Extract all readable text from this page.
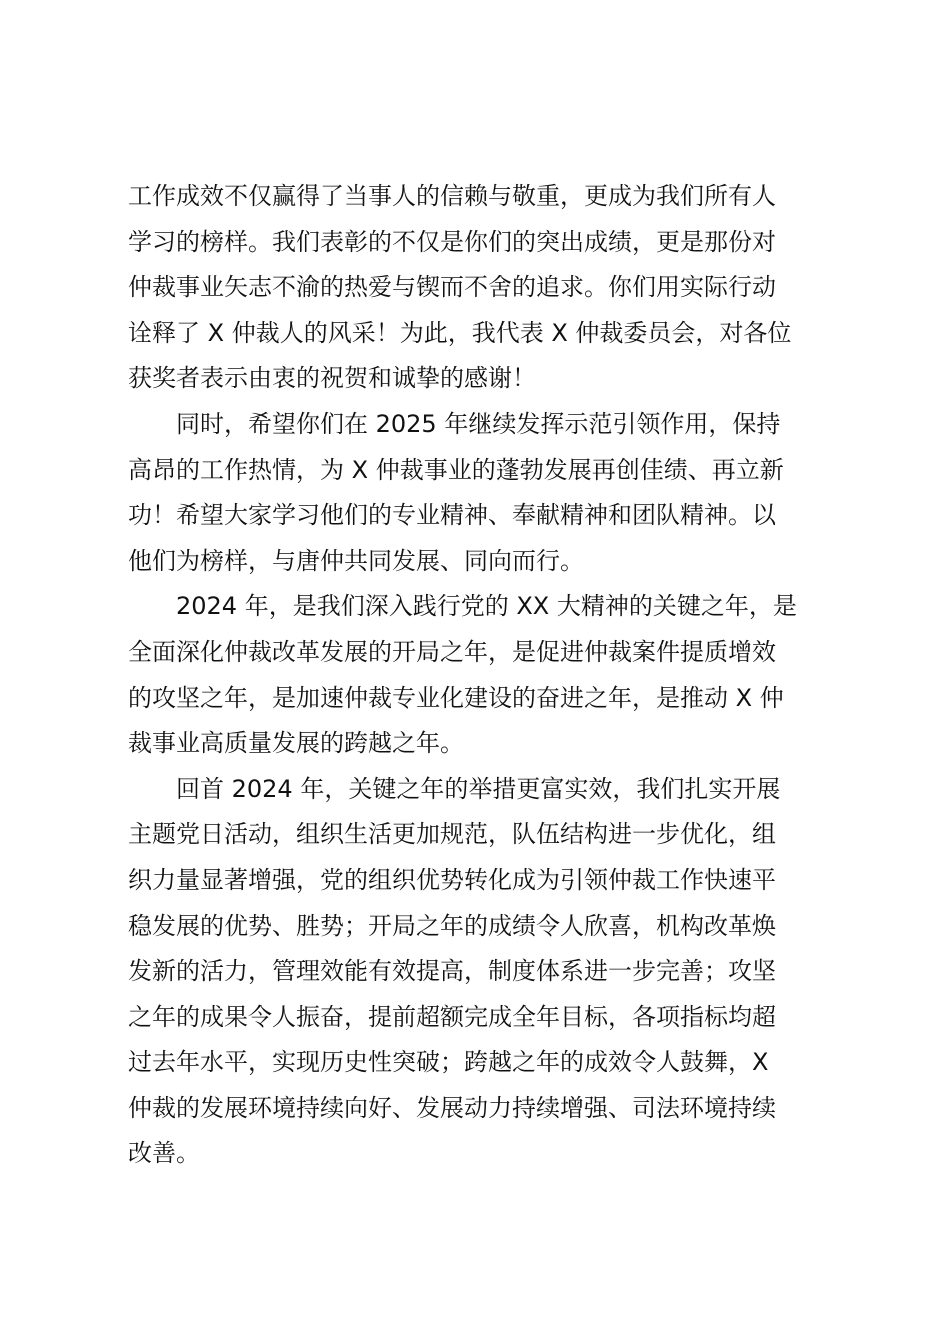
工作成效不仅赢得了当事人的信赖与敬重，更成为我们所有人

学习的榜样。我们表彰的不仅是你们的突出成绩，更是那份对

仲裁事业矢志不渝的热爱与锲而不舍的追求。你们用实际行动

诠释了 X 仲裁人的风采！为此，我代表 X 仲裁委员会，对各位

获奖者表示由衷的祝贺和诚挚的感谢！

同时，希望你们在 2025 年继续发挥示范引领作用，保持

高昂的工作热情，为 X 仲裁事业的蓬勃发展再创佳绩、再立新

功！希望大家学习他们的专业精神、奉献精神和团队精神。以

他们为榜样，与唐仲共同发展、同向而行。

2024 年，是我们深入践行党的 XX 大精神的关键之年，是

全面深化仲裁改革发展的开局之年，是促进仲裁案件提质增效

的攻坚之年，是加速仲裁专业化建设的奋进之年，是推动 X 仲

裁事业高质量发展的跨越之年。

回首 2024 年，关键之年的举措更富实效，我们扎实开展

主题党日活动，组织生活更加规范，队伍结构进一步优化，组

织力量显著增强，党的组织优势转化成为引领仲裁工作快速平

稳发展的优势、胜势；开局之年的成绩令人欣喜，机构改革焕

发新的活力，管理效能有效提高，制度体系进一步完善；攻坚

之年的成果令人振奋，提前超额完成全年目标，各项指标均超

过去年水平，实现历史性突破；跨越之年的成效令人鼓舞，X

仲裁的发展环境持续向好、发展动力持续增强、司法环境持续

改善。
